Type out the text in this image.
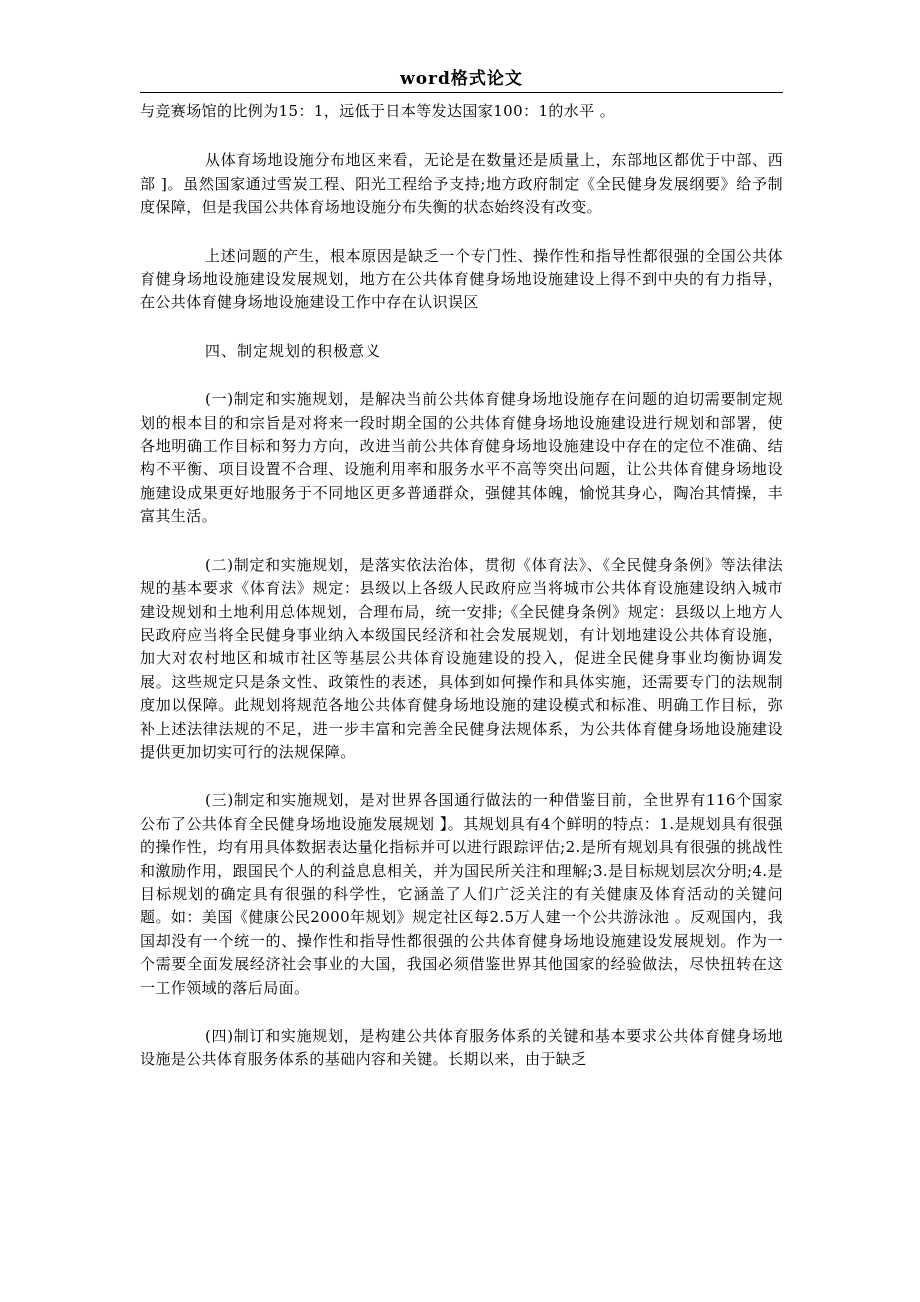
word格式论文

与竞赛场馆的比例为15：1，远低于日本等发达国家100：1的水平 。

从体育场地设施分布地区来看，无论是在数量还是质量上，东部地区都优于中部、西部 ]。虽然国家通过雪炭工程、阳光工程给予支持;地方政府制定《全民健身发展纲要》给予制度保障，但是我国公共体育场地设施分布失衡的状态始终没有改变。

上述问题的产生，根本原因是缺乏一个专门性、操作性和指导性都很强的全国公共体育健身场地设施建设发展规划，地方在公共体育健身场地设施建设上得不到中央的有力指导，在公共体育健身场地设施建设工作中存在认识误区

四、制定规划的积极意义

(一)制定和实施规划，是解决当前公共体育健身场地设施存在问题的迫切需要制定规划的根本目的和宗旨是对将来一段时期全国的公共体育健身场地设施建设进行规划和部署，使各地明确工作目标和努力方向，改进当前公共体育健身场地设施建设中存在的定位不准确、结构不平衡、项目设置不合理、设施利用率和服务水平不高等突出问题，让公共体育健身场地设施建设成果更好地服务于不同地区更多普通群众，强健其体魄，愉悦其身心，陶冶其情操，丰富其生活。

(二)制定和实施规划，是落实依法治体，贯彻《体育法》、《全民健身条例》等法律法规的基本要求《体育法》规定：县级以上各级人民政府应当将城市公共体育设施建设纳入城市建设规划和土地利用总体规划，合理布局，统一安排;《全民健身条例》规定：县级以上地方人民政府应当将全民健身事业纳入本级国民经济和社会发展规划，有计划地建设公共体育设施，加大对农村地区和城市社区等基层公共体育设施建设的投入，促进全民健身事业均衡协调发展。这些规定只是条文性、政策性的表述，具体到如何操作和具体实施，还需要专门的法规制度加以保障。此规划将规范各地公共体育健身场地设施的建设模式和标准、明确工作目标，弥补上述法律法规的不足，进一步丰富和完善全民健身法规体系，为公共体育健身场地设施建设提供更加切实可行的法规保障。

(三)制定和实施规划，是对世界各国通行做法的一种借鉴目前，全世界有116个国家公布了公共体育全民健身场地设施发展规划 】。其规划具有4个鲜明的特点：1.是规划具有很强的操作性，均有用具体数据表达量化指标并可以进行跟踪评估;2.是所有规划具有很强的挑战性和激励作用，跟国民个人的利益息息相关，并为国民所关注和理解;3.是目标规划层次分明;4.是目标规划的确定具有很强的科学性，它涵盖了人们广泛关注的有关健康及体育活动的关键问题。如：美国《健康公民2000年规划》规定社区每2.5万人建一个公共游泳池 。反观国内，我国却没有一个统一的、操作性和指导性都很强的公共体育健身场地设施建设发展规划。作为一个需要全面发展经济社会事业的大国，我国必须借鉴世界其他国家的经验做法，尽快扭转在这一工作领域的落后局面。

(四)制订和实施规划，是构建公共体育服务体系的关键和基本要求公共体育健身场地设施是公共体育服务体系的基础内容和关键。长期以来，由于缺乏
